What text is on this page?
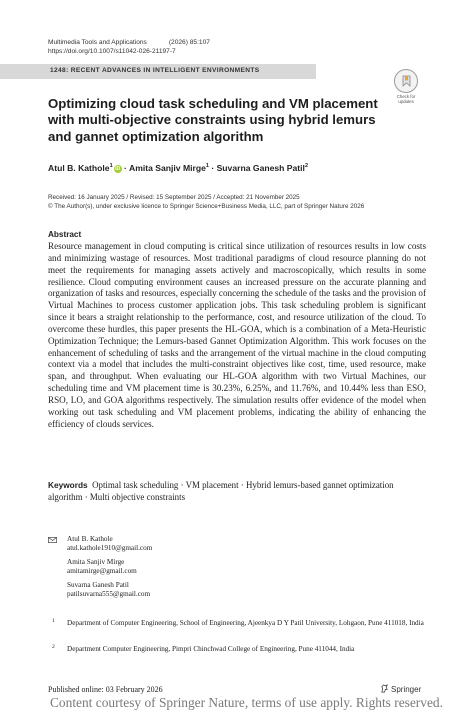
Multimedia Tools and Applications	(2026) 85:107
https://doi.org/10.1007/s11042-026-21197-7
1248: RECENT ADVANCES IN INTELLIGENT ENVIRONMENTS
Check for
updates
Optimizing cloud task scheduling and VM placement with multi-objective constraints using hybrid lemurs and gannet optimization algorithm
Atul B. Kathole$^1$ iD · Amita Sanjiv Mirge$^1$ · Suvarna Ganesh Patil$^2$
Received: 16 January 2025 / Revised: 15 September 2025 / Accepted: 21 November 2025
© The Author(s), under exclusive licence to Springer Science+Business Media, LLC, part of Springer Nature 2026
Abstract

Resource management in cloud computing is critical since utilization of resources results in low costs and minimizing wastage of resources. Most traditional paradigms of cloud resource planning do not meet the requirements for managing assets actively and macroscopically, which results in some resilience. Cloud computing environment causes an increased pressure on the accurate planning and organization of tasks and resources, especially concerning the schedule of the tasks and the provision of Virtual Machines to process customer application jobs. This task scheduling problem is significant since it bears a straight relationship to the performance, cost, and resource utilization of the cloud. To overcome these hurdles, this paper presents the HL-GOA, which is a combination of a Meta-Heuristic Optimization Technique; the Lemurs-based Gannet Optimization Algorithm. This work focuses on the enhancement of scheduling of tasks and the arrangement of the virtual machine in the cloud computing context via a model that includes the multi-constraint objectives like cost, time, used resource, make span, and throughput. When evaluating our HL-GOA algorithm with two Virtual Machines, our scheduling time and VM placement time is 30.23%, 6.25%, and 11.76%, and 10.44% less than ESO, RSO, LO, and GOA algorithms respectively. The simulation results offer evidence of the model when working out task scheduling and VM placement problems, indicating the ability of enhancing the efficiency of clouds services.

Keywords Optimal task scheduling · VM placement · Hybrid lemurs-based gannet optimization algorithm · Multi objective constraints
Atul B. Kathole
atul.kathole1910@gmail.com
Amita Sanjiv Mirge
amitamirge@gmail.com
Suvarna Ganesh Patil
patilsuvarna555@gmail.com
1 Department of Computer Engineering, School of Engineering, Ajeenkya D Y Patil University, Lohgaon, Pune 411018, India
2 Department Computer Engineering, Pimpri Chinchwad College of Engineering, Pune 411044, India
Published online: 03 February 2026	Springer
Content courtesy of Springer Nature, terms of use apply. Rights reserved.
